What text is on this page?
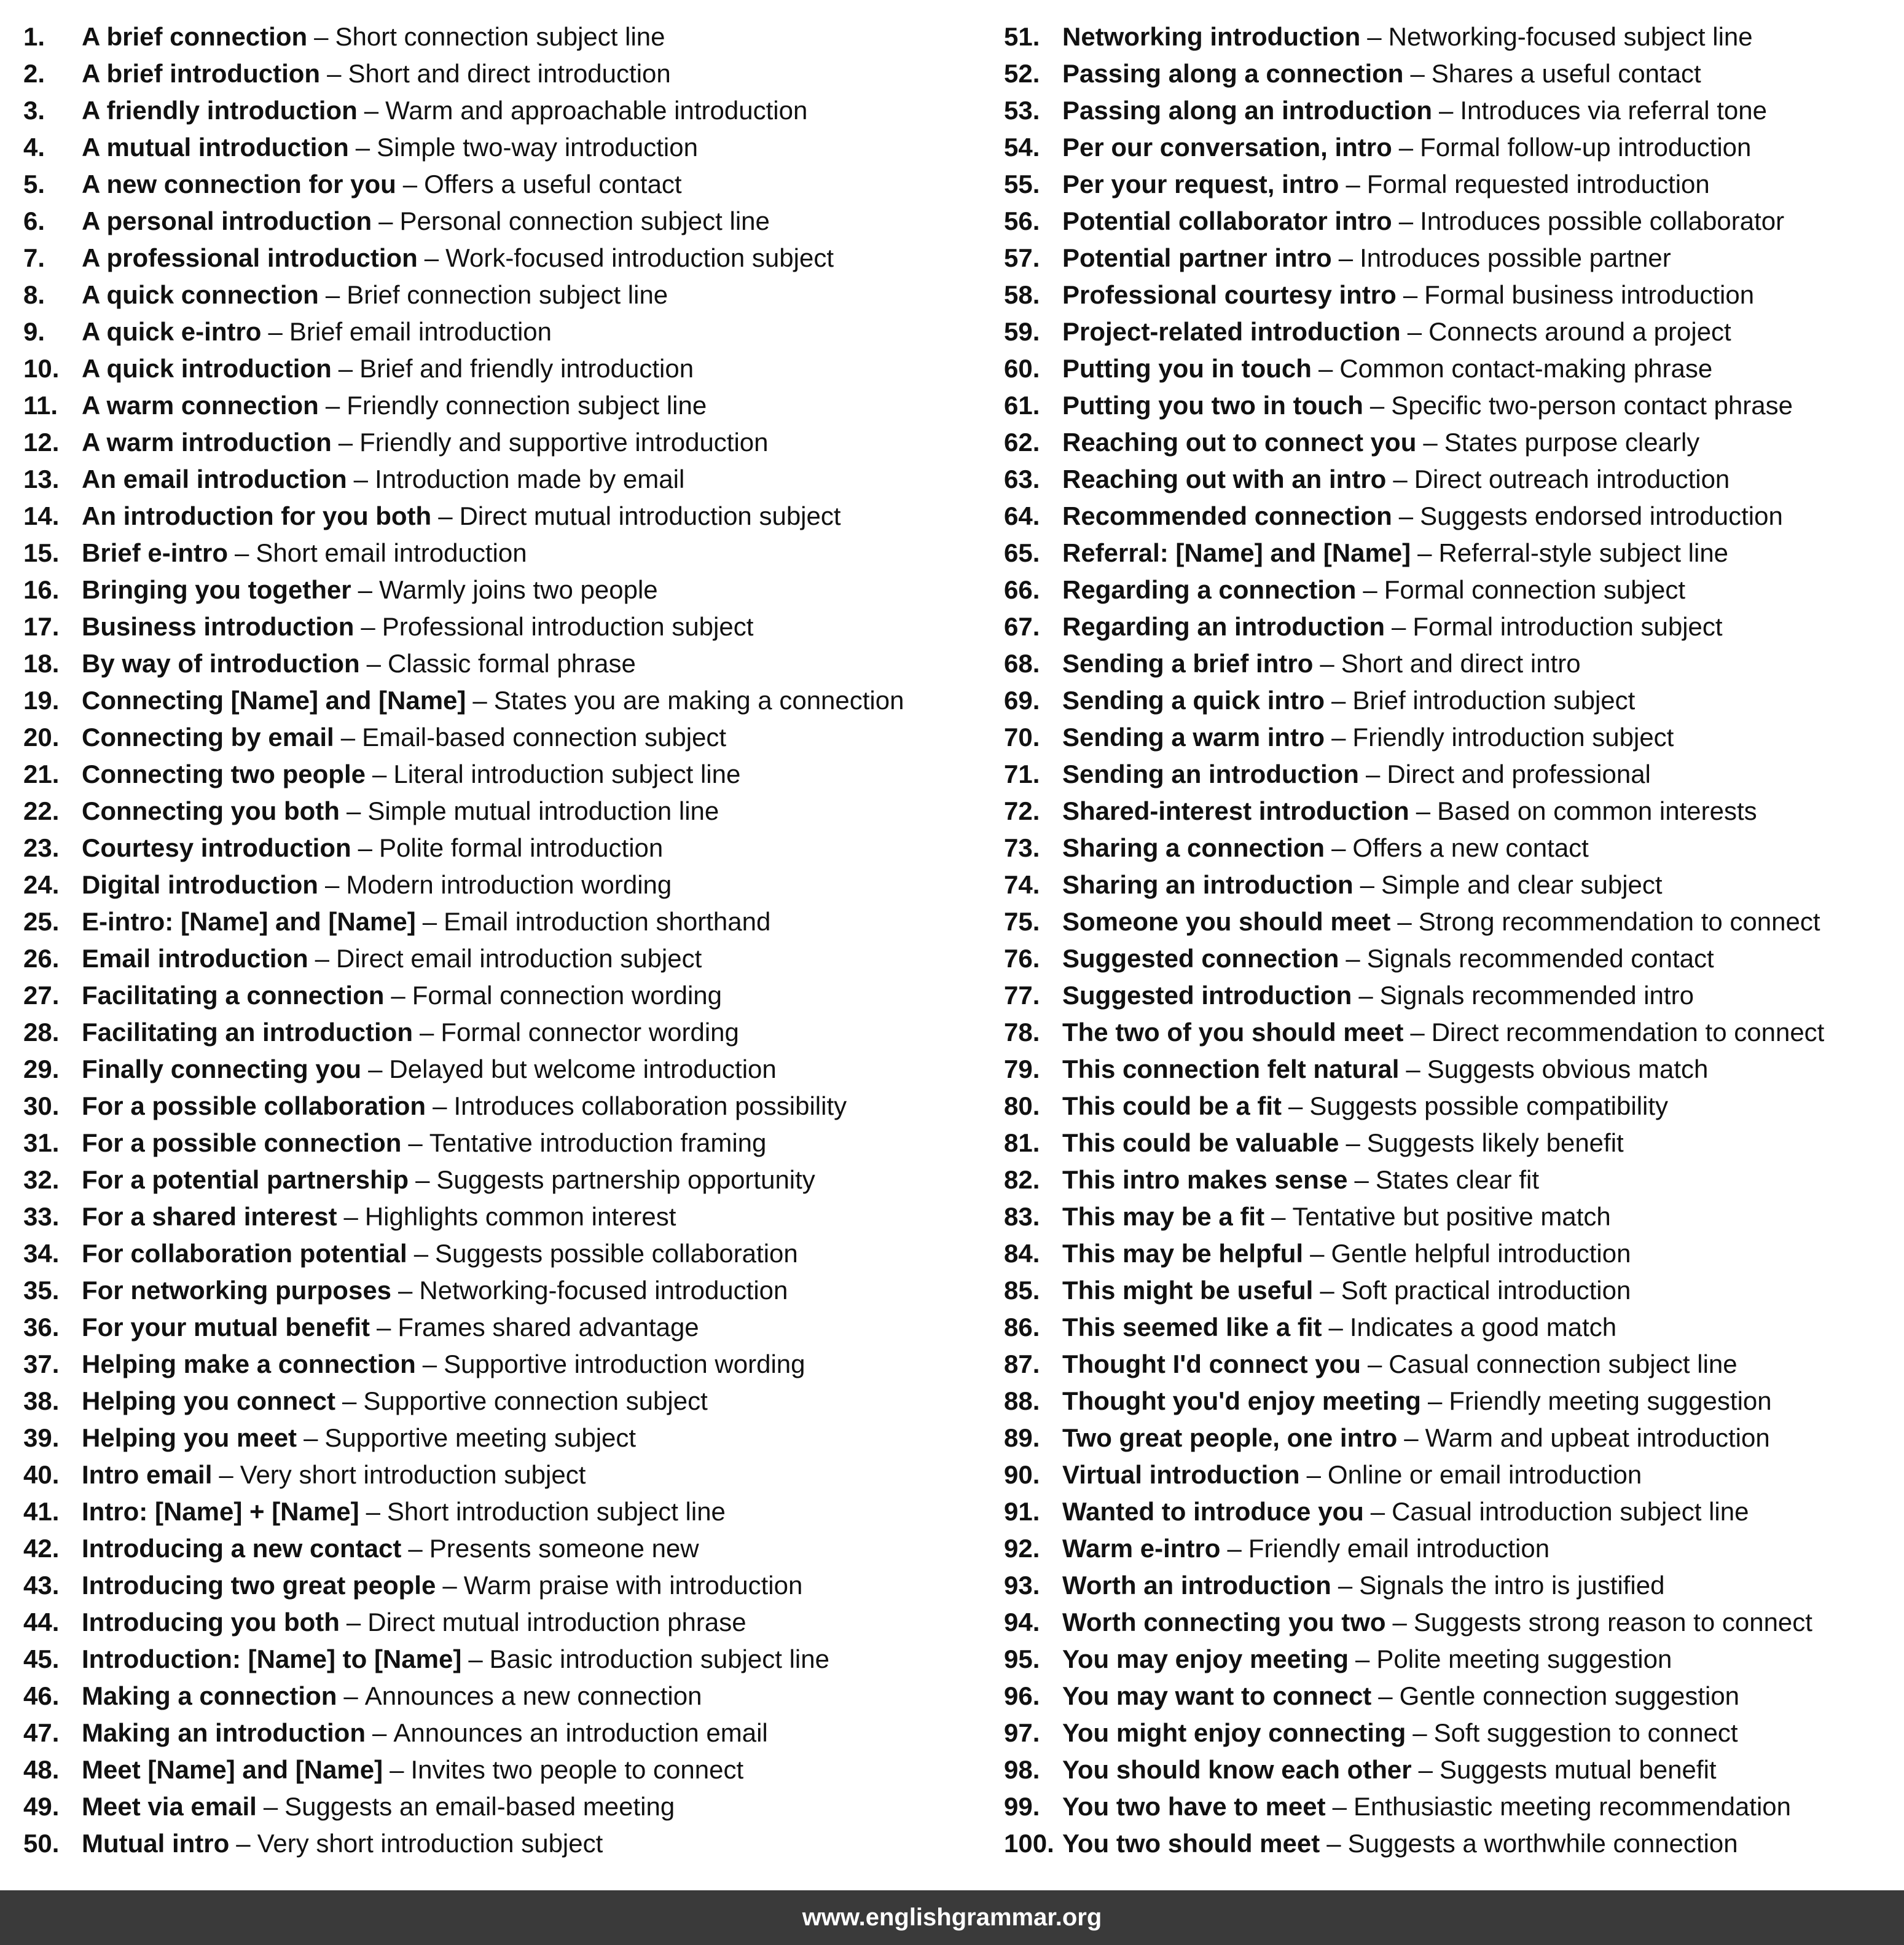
1.	A brief connection – Short connection subject line
2.	A brief introduction – Short and direct introduction
3.	A friendly introduction – Warm and approachable introduction
4.	A mutual introduction – Simple two-way introduction
5.	A new connection for you – Offers a useful contact
6.	A personal introduction – Personal connection subject line
7.	A professional introduction – Work-focused introduction subject
8.	A quick connection – Brief connection subject line
9.	A quick e-intro – Brief email introduction
10. A quick introduction – Brief and friendly introduction
11. A warm connection – Friendly connection subject line
12. A warm introduction – Friendly and supportive introduction
13. An email introduction – Introduction made by email
14. An introduction for you both – Direct mutual introduction subject
15. Brief e-intro – Short email introduction
16. Bringing you together – Warmly joins two people
17. Business introduction – Professional introduction subject
18. By way of introduction – Classic formal phrase
19. Connecting [Name] and [Name] – States you are making a connection
20. Connecting by email – Email-based connection subject
21. Connecting two people – Literal introduction subject line
22. Connecting you both – Simple mutual introduction line
23. Courtesy introduction – Polite formal introduction
24. Digital introduction – Modern introduction wording
25. E-intro: [Name] and [Name] – Email introduction shorthand
26. Email introduction – Direct email introduction subject
27. Facilitating a connection – Formal connection wording
28. Facilitating an introduction – Formal connector wording
29. Finally connecting you – Delayed but welcome introduction
30. For a possible collaboration – Introduces collaboration possibility
31. For a possible connection – Tentative introduction framing
32. For a potential partnership – Suggests partnership opportunity
33. For a shared interest – Highlights common interest
34. For collaboration potential – Suggests possible collaboration
35. For networking purposes – Networking-focused introduction
36. For your mutual benefit – Frames shared advantage
37. Helping make a connection – Supportive introduction wording
38. Helping you connect – Supportive connection subject
39. Helping you meet – Supportive meeting subject
40. Intro email – Very short introduction subject
41. Intro: [Name] + [Name] – Short introduction subject line
42. Introducing a new contact – Presents someone new
43. Introducing two great people – Warm praise with introduction
44. Introducing you both – Direct mutual introduction phrase
45. Introduction: [Name] to [Name] – Basic introduction subject line
46. Making a connection – Announces a new connection
47. Making an introduction – Announces an introduction email
48. Meet [Name] and [Name] – Invites two people to connect
49. Meet via email – Suggests an email-based meeting
50. Mutual intro – Very short introduction subject
51. Networking introduction – Networking-focused subject line
52. Passing along a connection – Shares a useful contact
53. Passing along an introduction – Introduces via referral tone
54. Per our conversation, intro – Formal follow-up introduction
55. Per your request, intro – Formal requested introduction
56. Potential collaborator intro – Introduces possible collaborator
57. Potential partner intro – Introduces possible partner
58. Professional courtesy intro – Formal business introduction
59. Project-related introduction – Connects around a project
60. Putting you in touch – Common contact-making phrase
61. Putting you two in touch – Specific two-person contact phrase
62. Reaching out to connect you – States purpose clearly
63. Reaching out with an intro – Direct outreach introduction
64. Recommended connection – Suggests endorsed introduction
65. Referral: [Name] and [Name] – Referral-style subject line
66. Regarding a connection – Formal connection subject
67. Regarding an introduction – Formal introduction subject
68. Sending a brief intro – Short and direct intro
69. Sending a quick intro – Brief introduction subject
70. Sending a warm intro – Friendly introduction subject
71. Sending an introduction – Direct and professional
72. Shared-interest introduction – Based on common interests
73. Sharing a connection – Offers a new contact
74. Sharing an introduction – Simple and clear subject
75. Someone you should meet – Strong recommendation to connect
76. Suggested connection – Signals recommended contact
77. Suggested introduction – Signals recommended intro
78. The two of you should meet – Direct recommendation to connect
79. This connection felt natural – Suggests obvious match
80. This could be a fit – Suggests possible compatibility
81. This could be valuable – Suggests likely benefit
82. This intro makes sense – States clear fit
83. This may be a fit – Tentative but positive match
84. This may be helpful – Gentle helpful introduction
85. This might be useful – Soft practical introduction
86. This seemed like a fit – Indicates a good match
87. Thought I'd connect you – Casual connection subject line
88. Thought you'd enjoy meeting – Friendly meeting suggestion
89. Two great people, one intro – Warm and upbeat introduction
90. Virtual introduction – Online or email introduction
91. Wanted to introduce you – Casual introduction subject line
92. Warm e-intro – Friendly email introduction
93. Worth an introduction – Signals the intro is justified
94. Worth connecting you two – Suggests strong reason to connect
95. You may enjoy meeting – Polite meeting suggestion
96. You may want to connect – Gentle connection suggestion
97. You might enjoy connecting – Soft suggestion to connect
98. You should know each other – Suggests mutual benefit
99. You two have to meet – Enthusiastic meeting recommendation
100. You two should meet – Suggests a worthwhile connection
www.englishgrammar.org
